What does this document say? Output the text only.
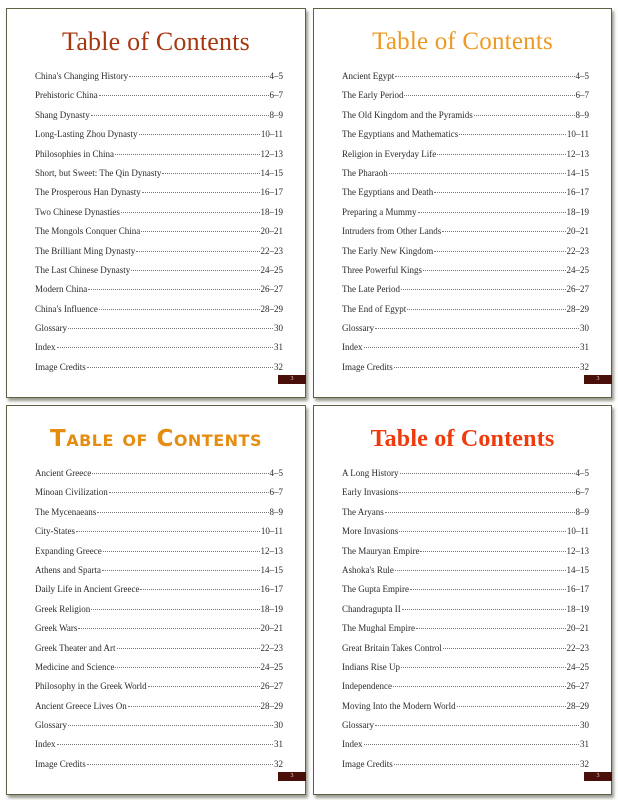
Table of Contents
China's Changing History	4–5
Prehistoric China	6–7
Shang Dynasty	8–9
Long-Lasting Zhou Dynasty	10–11
Philosophies in China	12–13
Short, but Sweet: The Qin Dynasty	14–15
The Prosperous Han Dynasty	16–17
Two Chinese Dynasties	18–19
The Mongols Conquer China	20–21
The Brilliant Ming Dynasty	22–23
The Last Chinese Dynasty	24–25
Modern China	26–27
China's Influence	28–29
Glossary	30
Index	31
Image Credits	32
3
Table of Contents
Ancient Egypt	4–5
The Early Period	6–7
The Old Kingdom and the Pyramids	8–9
The Egyptians and Mathematics	10–11
Religion in Everyday Life	12–13
The Pharaoh	14–15
The Egyptians and Death	16–17
Preparing a Mummy	18–19
Intruders from Other Lands	20–21
The Early New Kingdom	22–23
Three Powerful Kings	24–25
The Late Period	26–27
The End of Egypt	28–29
Glossary	30
Index	31
Image Credits	32
3
Table of Contents
Ancient Greece	4–5
Minoan Civilization	6–7
The Mycenaeans	8–9
City-States	10–11
Expanding Greece	12–13
Athens and Sparta	14–15
Daily Life in Ancient Greece	16–17
Greek Religion	18–19
Greek Wars	20–21
Greek Theater and Art	22–23
Medicine and Science	24–25
Philosophy in the Greek World	26–27
Ancient Greece Lives On	28–29
Glossary	30
Index	31
Image Credits	32
3
Table of Contents
A Long History	4–5
Early Invasions	6–7
The Aryans	8–9
More Invasions	10–11
The Mauryan Empire	12–13
Ashoka's Rule	14–15
The Gupta Empire	16–17
Chandragupta II	18–19
The Mughal Empire	20–21
Great Britain Takes Control	22–23
Indians Rise Up	24–25
Independence	26–27
Moving Into the Modern World	28–29
Glossary	30
Index	31
Image Credits	32
3
